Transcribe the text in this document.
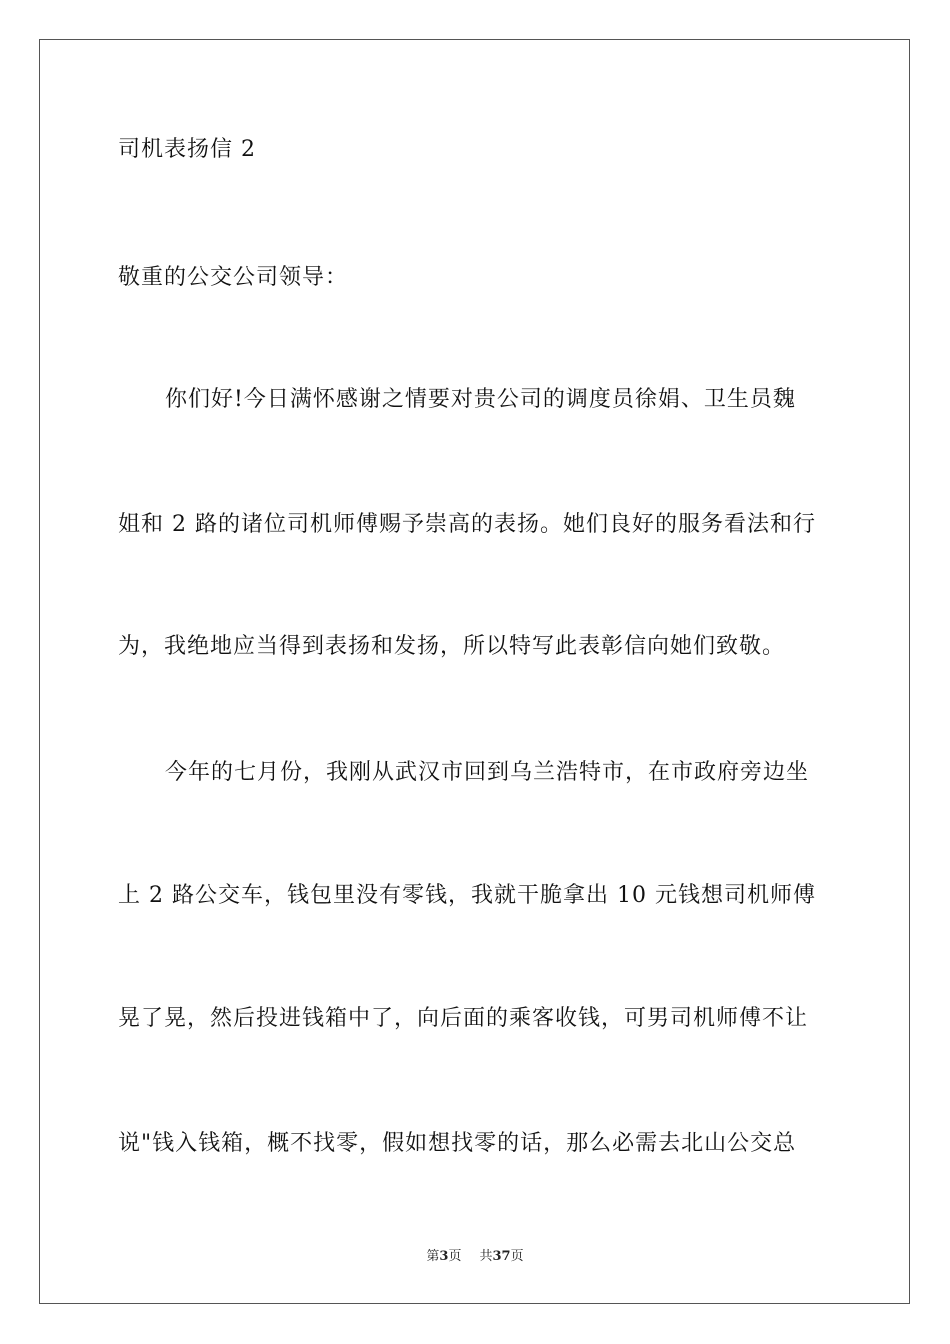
司机表扬信 2
敬重的公交公司领导：
你们好!今日满怀感谢之情要对贵公司的调度员徐娟、卫生员魏
姐和 2 路的诸位司机师傅赐予崇高的表扬。她们良好的服务看法和行
为，我绝地应当得到表扬和发扬，所以特写此表彰信向她们致敬。
今年的七月份，我刚从武汉市回到乌兰浩特市，在市政府旁边坐
上 2 路公交车，钱包里没有零钱，我就干脆拿出 10 元钱想司机师傅
晃了晃，然后投进钱箱中了，向后面的乘客收钱，可男司机师傅不让
说"钱入钱箱，概不找零，假如想找零的话，那么必需去北山公交总
第3页 共37页
